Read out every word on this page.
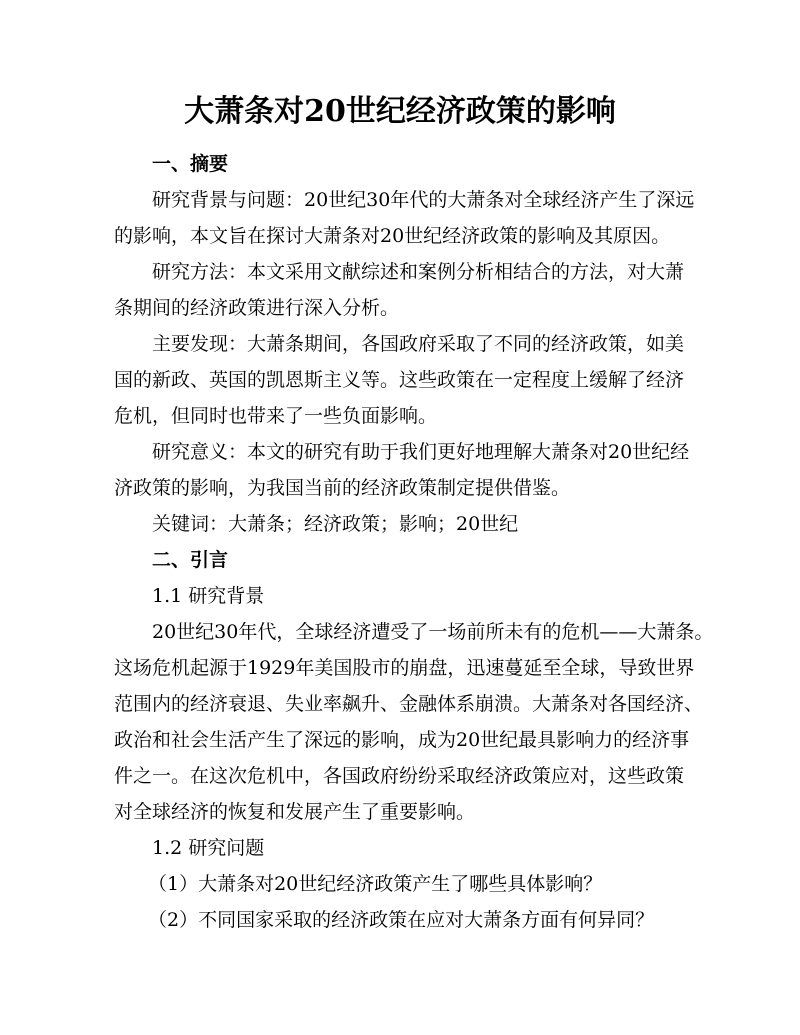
大萧条对20世纪经济政策的影响
一、摘要
研究背景与问题：20世纪30年代的大萧条对全球经济产生了深远
的影响，本文旨在探讨大萧条对20世纪经济政策的影响及其原因。
研究方法：本文采用文献综述和案例分析相结合的方法，对大萧
条期间的经济政策进行深入分析。
主要发现：大萧条期间，各国政府采取了不同的经济政策，如美
国的新政、英国的凯恩斯主义等。这些政策在一定程度上缓解了经济
危机，但同时也带来了一些负面影响。
研究意义：本文的研究有助于我们更好地理解大萧条对20世纪经
济政策的影响，为我国当前的经济政策制定提供借鉴。
关键词：大萧条；经济政策；影响；20世纪
二、引言
1.1 研究背景
20世纪30年代，全球经济遭受了一场前所未有的危机——大萧条。
这场危机起源于1929年美国股市的崩盘，迅速蔓延至全球，导致世界
范围内的经济衰退、失业率飙升、金融体系崩溃。大萧条对各国经济、
政治和社会生活产生了深远的影响，成为20世纪最具影响力的经济事
件之一。在这次危机中，各国政府纷纷采取经济政策应对，这些政策
对全球经济的恢复和发展产生了重要影响。
1.2 研究问题
（1）大萧条对20世纪经济政策产生了哪些具体影响？
（2）不同国家采取的经济政策在应对大萧条方面有何异同？
